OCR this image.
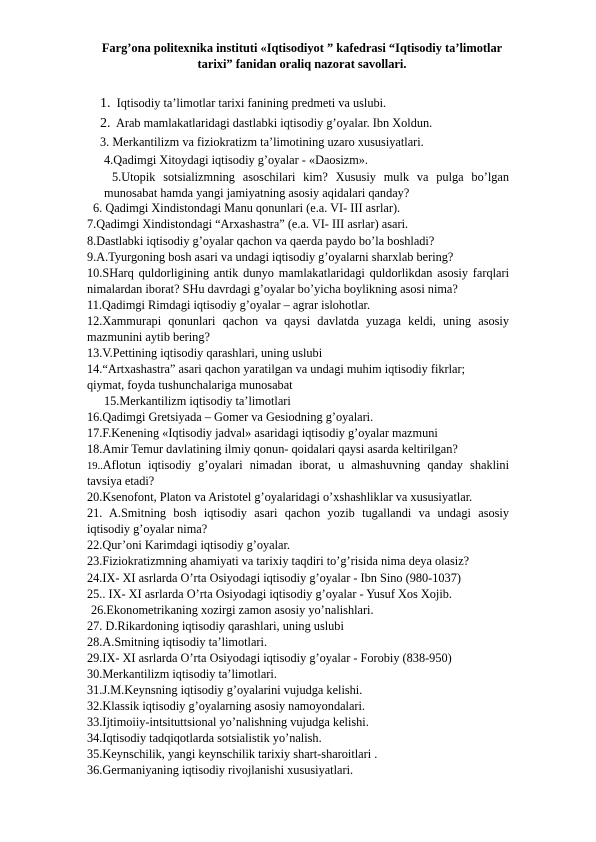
Farg’ona politexnika instituti «Iqtisodiyot ” kafedrasi “Iqtisodiy ta’limotlar
tarixi” fanidan oraliq nazorat savollari.
1. Iqtisodiy ta’limotlar tarixi fanining predmeti va uslubi.
2. Arab mamlakatlaridagi dastlabki iqtisodiy g’oyalar. Ibn Xoldun.
3. Merkantilizm va fiziokratizm ta’limotining uzaro xususiyatlari.
4.Qadimgi Xitoydagi iqtisodiy g’oyalar - «Daosizm».
5.Utopik sotsializmning asoschilari kim? Xususiy mulk va pulga bo’lgan
munosabat hamda yangi jamiyatning asosiy aqidalari qanday?
6. Qadimgi Xindistondagi Manu qonunlari (e.a. VI- III asrlar).
7.Qadimgi Xindistondagi “Arxashastra” (e.a. VI- III asrlar) asari.
8.Dastlabki iqtisodiy g’oyalar qachon va qaerda paydo bo’la boshladi?
9.A.Tyurgoning bosh asari va undagi iqtisodiy g’oyalarni sharxlab bering?
10.SHarq quldorligining antik dunyo mamlakatlaridagi quldorlikdan asosiy farqlari
nimalardan iborat? SHu davrdagi g’oyalar bo’yicha boylikning asosi nima?
11.Qadimgi Rimdagi iqtisodiy g’oyalar – agrar islohotlar.
12.Xammurapi qonunlari qachon va qaysi davlatda yuzaga keldi, uning asosiy
mazmunini aytib bering?
13.V.Pettining iqtisodiy qarashlari, uning uslubi
14.“Artxashastra” asari qachon yaratilgan va undagi muhim iqtisodiy fikrlar;
qiymat, foyda tushunchalariga munosabat
15.Merkantilizm iqtisodiy ta’limotlari
16.Qadimgi Gretsiyada – Gomer va Gesiodning g’oyalari.
17.F.Kenening «Iqtisodiy jadval» asaridagi iqtisodiy g’oyalar mazmuni
18.Amir Temur davlatining ilmiy qonun- qoidalari qaysi asarda keltirilgan?
19..Aflotun iqtisodiy g’oyalari nimadan iborat, u almashuvning qanday shaklini
tavsiya etadi?
20.Ksenofont, Platon va Aristotel g’oyalaridagi o’xshashliklar va xususiyatlar.
21. A.Smitning bosh iqtisodiy asari qachon yozib tugallandi va undagi asosiy
iqtisodiy g’oyalar nima?
22.Qur’oni Karimdagi iqtisodiy g’oyalar.
23.Fiziokratizmning ahamiyati va tarixiy taqdiri to’g’risida nima deya olasiz?
24.IX- XI asrlarda O’rta Osiyodagi iqtisodiy g’oyalar - Ibn Sino (980-1037)
25.. IX- XI asrlarda O’rta Osiyodagi iqtisodiy g’oyalar - Yusuf Xos Xojib.
26.Ekonometrikaning xozirgi zamon asosiy yo’nalishlari.
27. D.Rikardoning iqtisodiy qarashlari, uning uslubi
28.A.Smitning iqtisodiy ta’limotlari.
29.IX- XI asrlarda O’rta Osiyodagi iqtisodiy g’oyalar - Forobiy (838-950)
30.Merkantilizm iqtisodiy ta’limotlari.
31.J.M.Keynsning iqtisodiy g’oyalarini vujudga kelishi.
32.Klassik iqtisodiy g’oyalarning asosiy namoyondalari.
33.Ijtimoiiy-intsituttsional yo’nalishning vujudga kelishi.
34.Iqtisodiy tadqiqotlarda sotsialistik yo’nalish.
35.Keynschilik, yangi keynschilik tarixiy shart-sharoitlari .
36.Germaniyaning iqtisodiy rivojlanishi xususiyatlari.
